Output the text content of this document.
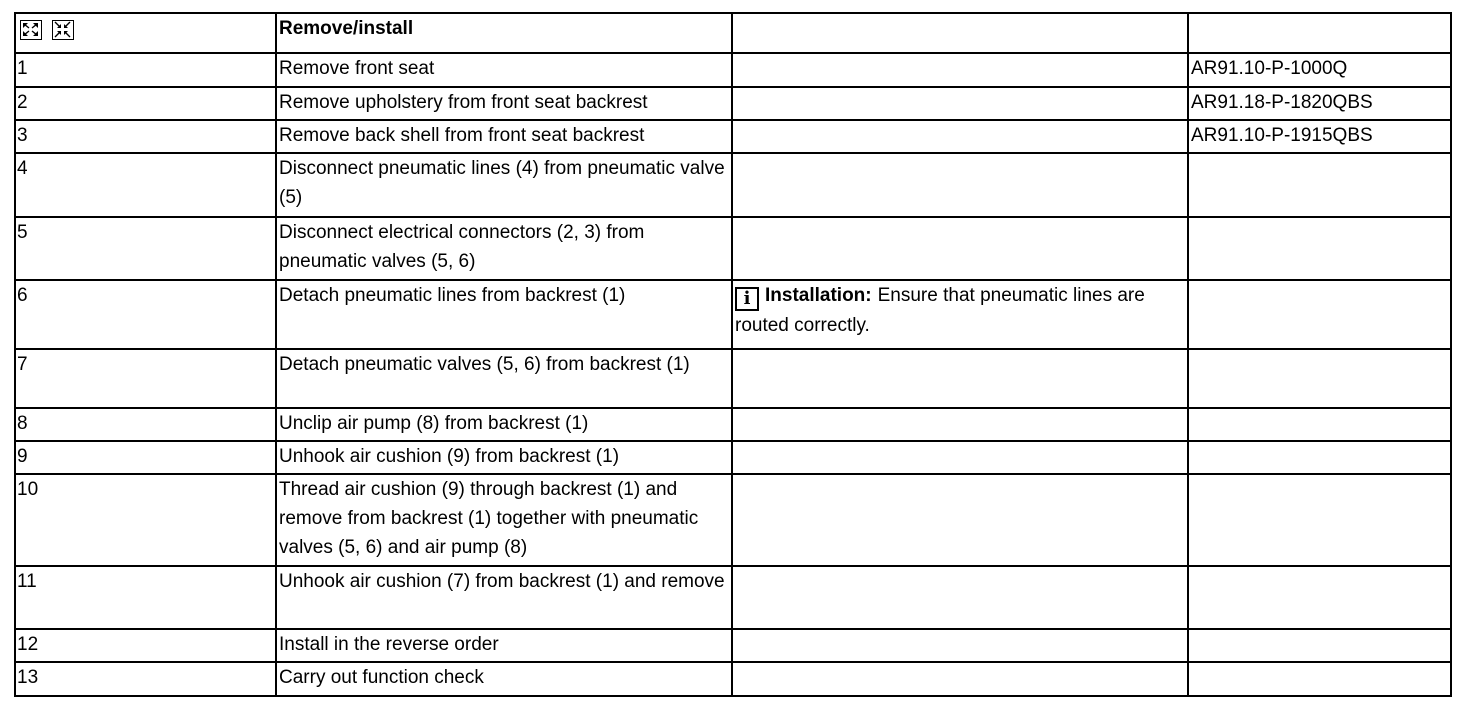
	Remove/install		
1	Remove front seat		AR91.10-P-1000Q
2	Remove upholstery from front seat backrest		AR91.18-P-1820QBS
3	Remove back shell from front seat backrest		AR91.10-P-1915QBS
4	Disconnect pneumatic lines (4) from pneumatic valve (5)		
5	Disconnect electrical connectors (2, 3) from pneumatic valves (5, 6)		
6	Detach pneumatic lines from backrest (1)	i Installation: Ensure that pneumatic lines are routed correctly.	
7	Detach pneumatic valves (5, 6) from backrest (1)		
8	Unclip air pump (8) from backrest (1)		
9	Unhook air cushion (9) from backrest (1)		
10	Thread air cushion (9) through backrest (1) and remove from backrest (1) together with pneumatic valves (5, 6) and air pump (8)		
11	Unhook air cushion (7) from backrest (1) and remove		
12	Install in the reverse order		
13	Carry out function check		
